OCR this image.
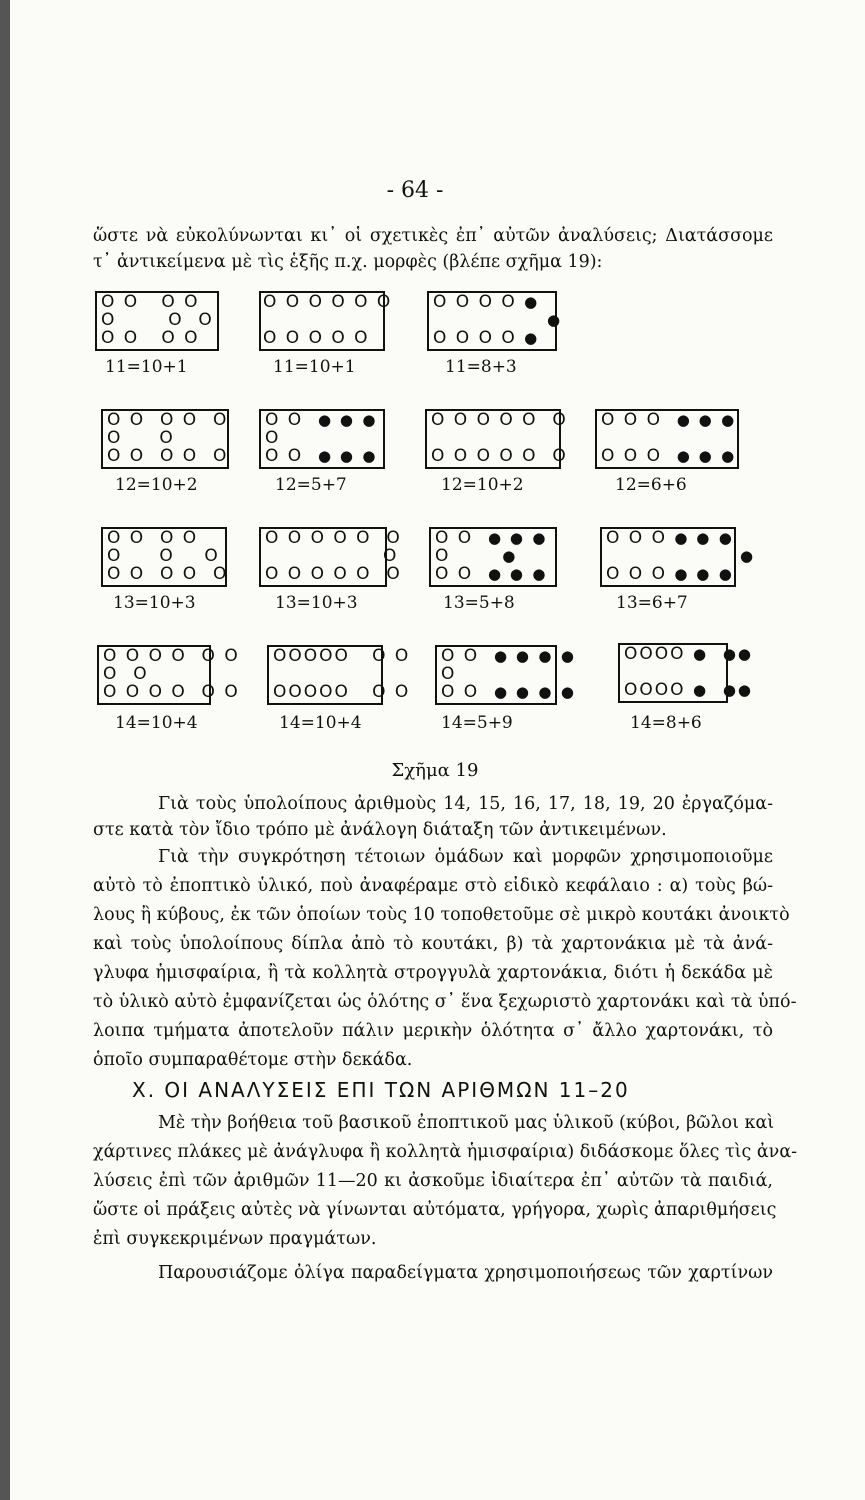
- 64 -
ὥστε νὰ εὐκολύνωνται κι᾽ οἱ σχετικὲς ἐπ᾽ αὐτῶν ἀναλύσεις; Διατάσσομε
τ᾽ ἀντικείμενα μὲ τὶς ἑξῆς π.χ. μορφὲς (βλέπε σχῆμα 19):
O O   O O
O       O  O
O O   O O
11=10+1
O O O O O O
O O O O O
11=10+1
O O O O ●
●
O O O O ●
11=8+3
O O  O O  O
O     O
O O  O O  O
12=10+2
O O  ● ● ●
O
O O  ● ● ●
12=5+7
O O O O O  O
O O O O O  O
12=10+2
O O O  ● ● ●
O O O  ● ● ●
12=6+6
O O  O O
O     O    O
O O  O O  O
13=10+3
O O O O O  O
O
O O O O O  O
13=10+3
O O  ● ● ●
O       ●
O O  ● ● ●
13=5+8
O O O ● ● ●
●
O O O ● ● ●
13=6+7
O O O O  O O
O  O
O O O O  O O
14=10+4
OOOOO   O O
OOOOO   O O
14=10+4
O O  ● ● ● ●
O
O O  ● ● ● ●
14=5+9
OOOO ● ●●
OOOO ● ●●
14=8+6
Σχῆμα 19
Γιὰ τοὺς ὑπολοίπους ἀριθμοὺς 14, 15, 16, 17, 18, 19, 20 ἐργαζόμα-
στε κατὰ τὸν ἴδιο τρόπο μὲ ἀνάλογη διάταξη τῶν ἀντικειμένων.
Γιὰ τὴν συγκρότηση τέτοιων ὁμάδων καὶ μορφῶν χρησιμοποιοῦμε
αὐτὸ τὸ ἐποπτικὸ ὑλικό, ποὺ ἀναφέραμε στὸ εἰδικὸ κεφάλαιο : α) τοὺς βώ-
λους ἢ κύβους, ἐκ τῶν ὁποίων τοὺς 10 τοποθετοῦμε σὲ μικρὸ κουτάκι ἀνοικτὸ
καὶ τοὺς ὑπολοίπους δίπλα ἀπὸ τὸ κουτάκι, β) τὰ χαρτονάκια μὲ τὰ ἀνά-
γλυφα ἡμισφαίρια, ἢ τὰ κολλητὰ στρογγυλὰ χαρτονάκια, διότι ἡ δεκάδα μὲ
τὸ ὑλικὸ αὐτὸ ἐμφανίζεται ὡς ὁλότης σ᾽ ἕνα ξεχωριστὸ χαρτονάκι καὶ τὰ ὑπό-
λοιπα τμήματα ἀποτελοῦν πάλιν μερικὴν ὁλότητα σ᾽ ἄλλο χαρτονάκι, τὸ
ὁποῖο συμπαραθέτομε στὴν δεκάδα.
Χ. ΟΙ ΑΝΑΛΥΣΕΙΣ ΕΠΙ ΤΩΝ ΑΡΙΘΜΩΝ 11–20
Μὲ τὴν βοήθεια τοῦ βασικοῦ ἐποπτικοῦ μας ὑλικοῦ (κύβοι, βῶλοι καὶ
χάρτινες πλάκες μὲ ἀνάγλυφα ἢ κολλητὰ ἡμισφαίρια) διδάσκομε ὅλες τὶς ἀνα-
λύσεις ἐπὶ τῶν ἀριθμῶν 11—20 κι ἀσκοῦμε ἰδιαίτερα ἐπ᾽ αὐτῶν τὰ παιδιά,
ὥστε οἱ πράξεις αὐτὲς νὰ γίνωνται αὐτόματα, γρήγορα, χωρὶς ἀπαριθμήσεις
ἐπὶ συγκεκριμένων πραγμάτων.
Παρουσιάζομε ὀλίγα παραδείγματα χρησιμοποιήσεως τῶν χαρτίνων
